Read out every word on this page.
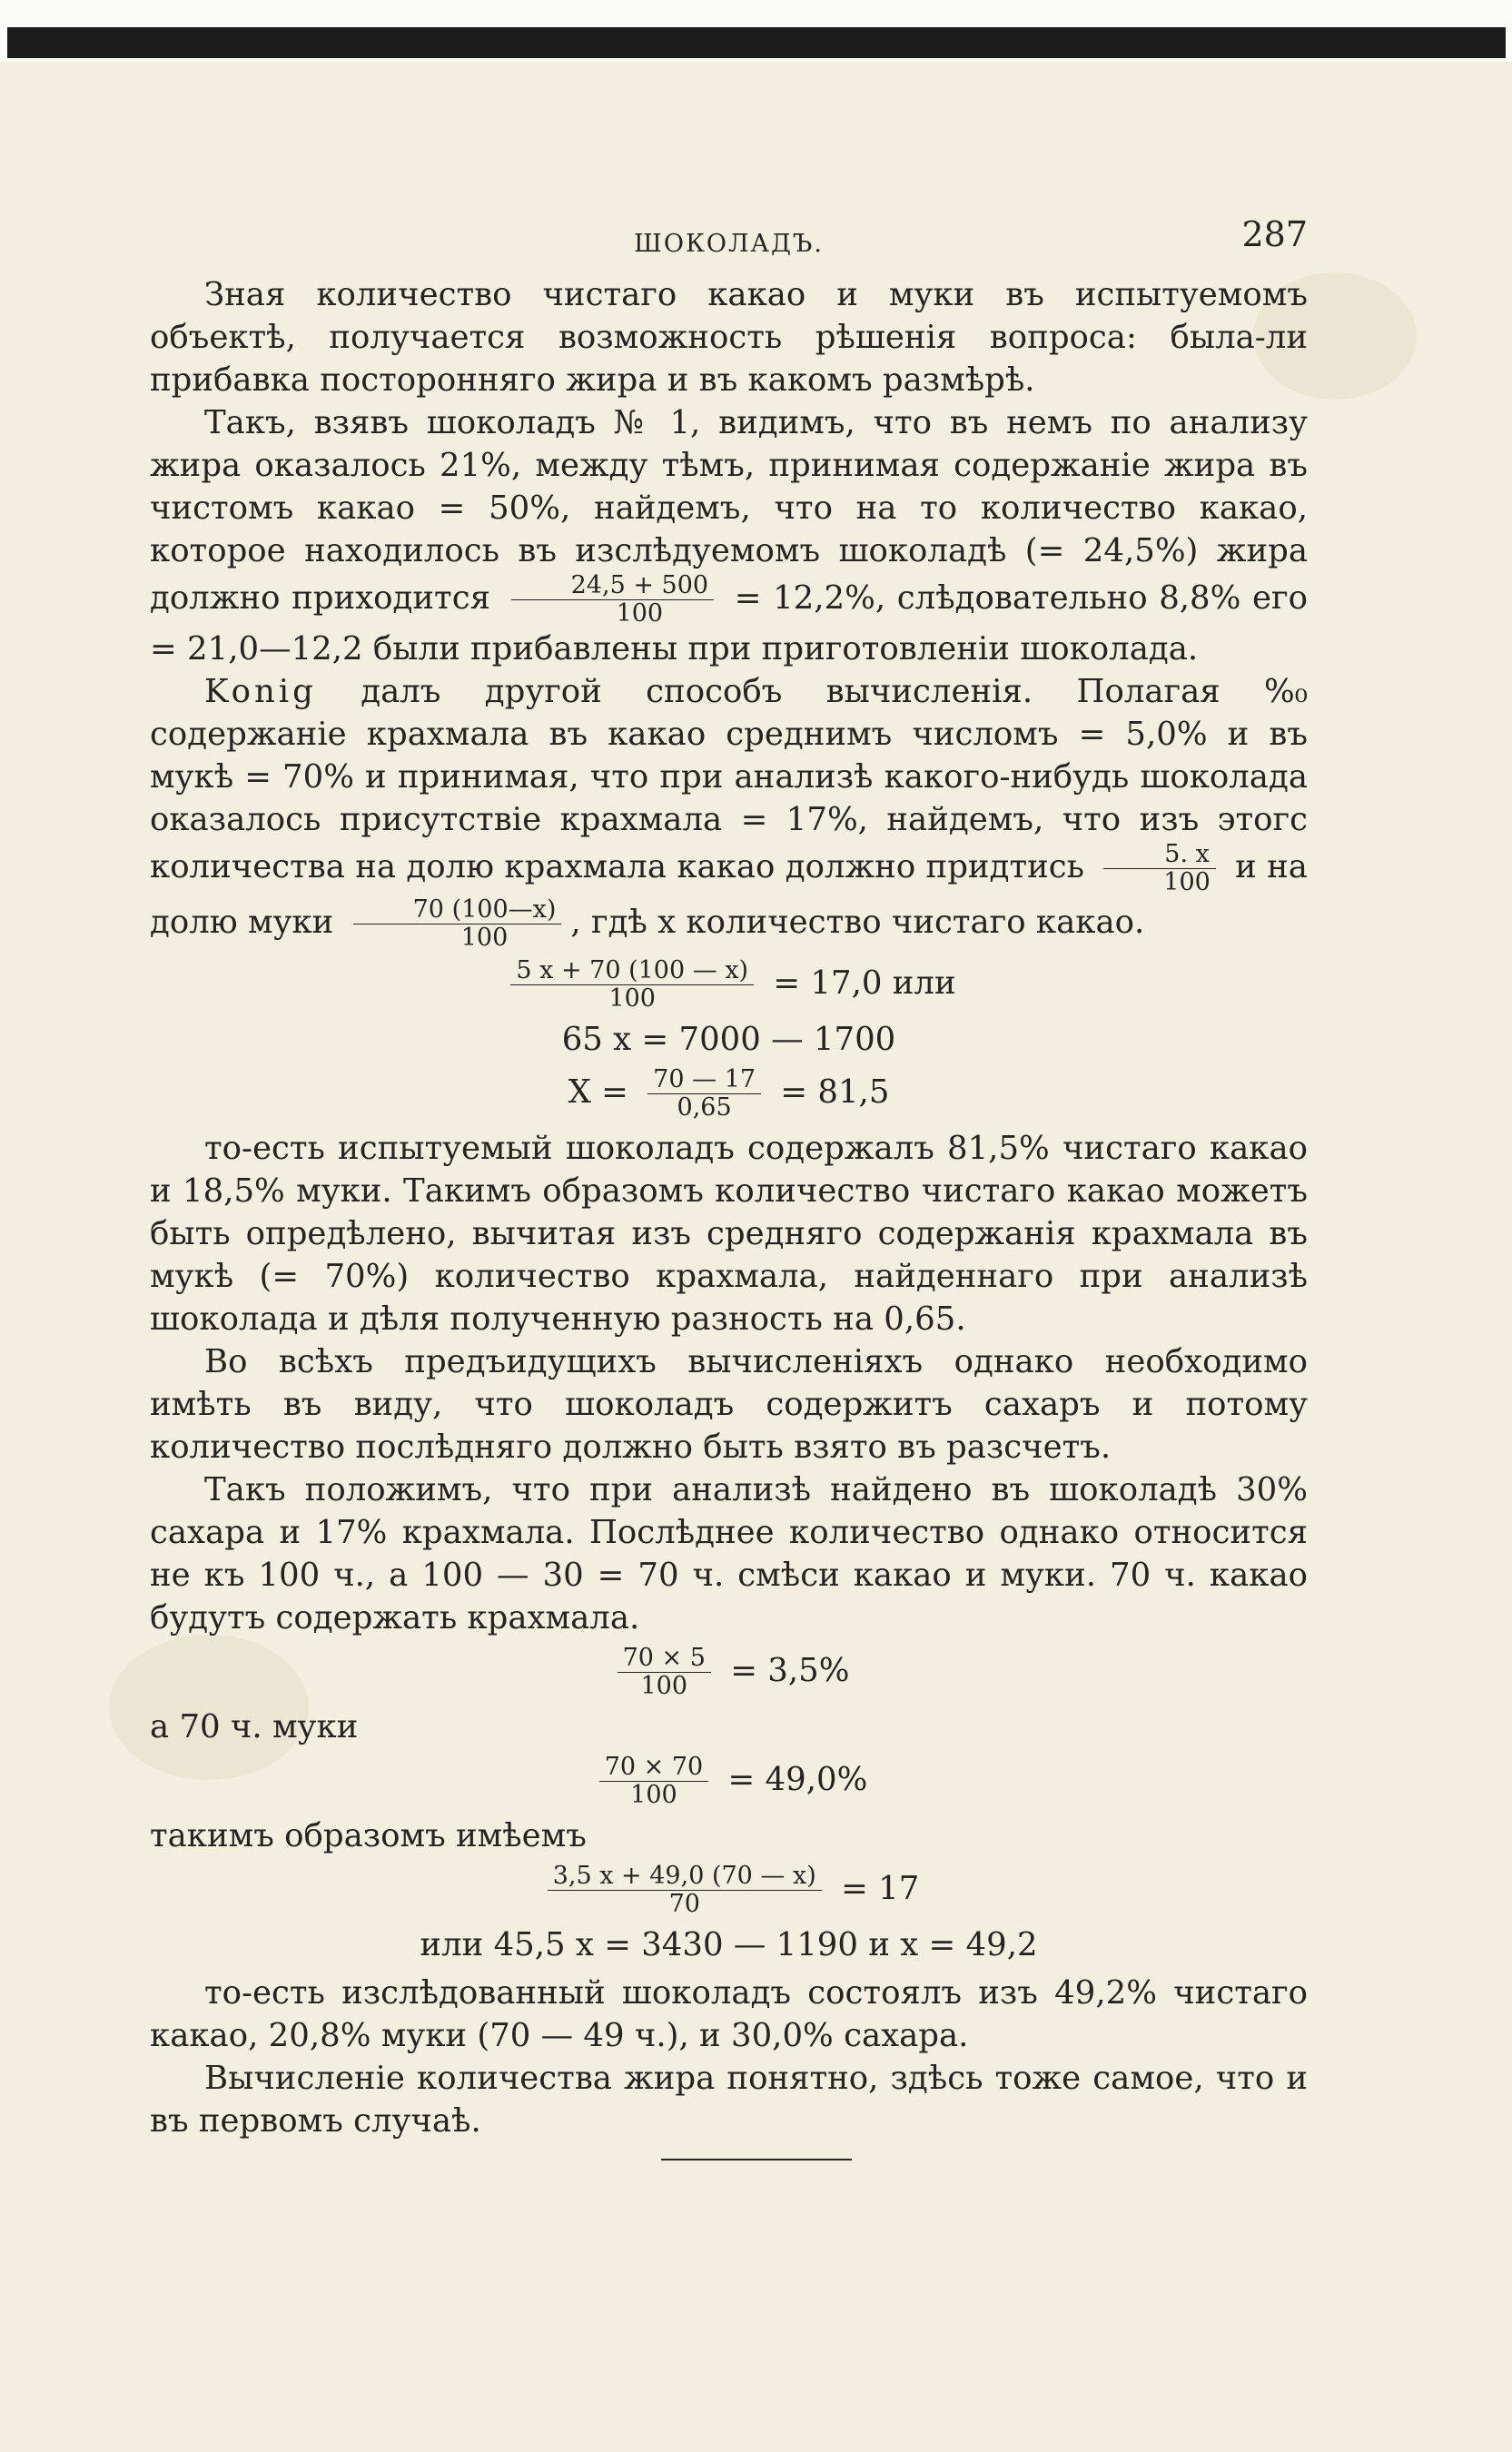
ШОКОЛАДЪ.	287

Зная количество чистаго какао и муки въ испытуемомъ объектѣ, получается возможность рѣшенія вопроса: была-ли прибавка посторонняго жира и въ какомъ размѣрѣ.

Такъ, взявъ шоколадъ № 1, видимъ, что въ немъ по анализу жира оказалось 21%, между тѣмъ, принимая содержаніе жира въ чистомъ какао = 50%, найдемъ, что на то количество какао, которое находилось въ изслѣдуемомъ шоколадѣ (= 24,5%) жира должно приходится $\frac{24,5 + 500}{100} = 12,2\%$, слѣдовательно 8,8% его = 21,0—12,2 были прибавлены при приготовленіи шоколада.

Konig далъ другой способъ вычисленія. Полагая %₀ содержаніе крахмала въ какао среднимъ числомъ = 5,0% и въ мукѣ = 70% и принимая, что при анализѣ какого-нибудь шоколада оказалось присутствіе крахмала = 17%, найдемъ, что изъ этогс количества на долю крахмала какао должно придтись $\frac{5. x}{100}$ и на долю муки $\frac{70 (100—x)}{100}$ , гдѣ x количество чистаго какао.

$\frac{5 x + 70 (100 — x)}{100} = 17,0$ или
65 x = 7000 — 1700
$X = \frac{70 — 17}{0,65} = 81,5$

то-есть испытуемый шоколадъ содержалъ 81,5% чистаго какао и 18,5% муки. Такимъ образомъ количество чистаго какао можетъ быть опредѣлено, вычитая изъ средняго содержанія крахмала въ мукѣ (= 70%) количество крахмала, найденнаго при анализѣ шоколада и дѣля полученную разность на 0,65.

Во всѣхъ предъидущихъ вычисленіяхъ однако необходимо имѣть въ виду, что шоколадъ содержитъ сахаръ и потому количество послѣдняго должно быть взято въ разсчетъ.

Такъ положимъ, что при анализѣ найдено въ шоколадѣ 30% сахара и 17% крахмала. Послѣднее количество однако относится не къ 100 ч., а 100 — 30 = 70 ч. смѣси какао и муки. 70 ч. какао будутъ содержать крахмала.

$\frac{70 \times 5}{100} = 3,5\%$
а 70 ч. муки
$\frac{70 \times 70}{100} = 49,0\%$
такимъ образомъ имѣемъ
$\frac{3,5 x + 49,0 (70 — x)}{70} = 17$
или 45,5 x = 3430 — 1190 и x = 49,2

то-есть изслѣдованный шоколадъ состоялъ изъ 49,2% чистаго какао, 20,8% муки (70 — 49 ч.), и 30,0% сахара.

Вычисленіе количества жира понятно, здѣсь тоже самое, что и въ первомъ случаѣ.
